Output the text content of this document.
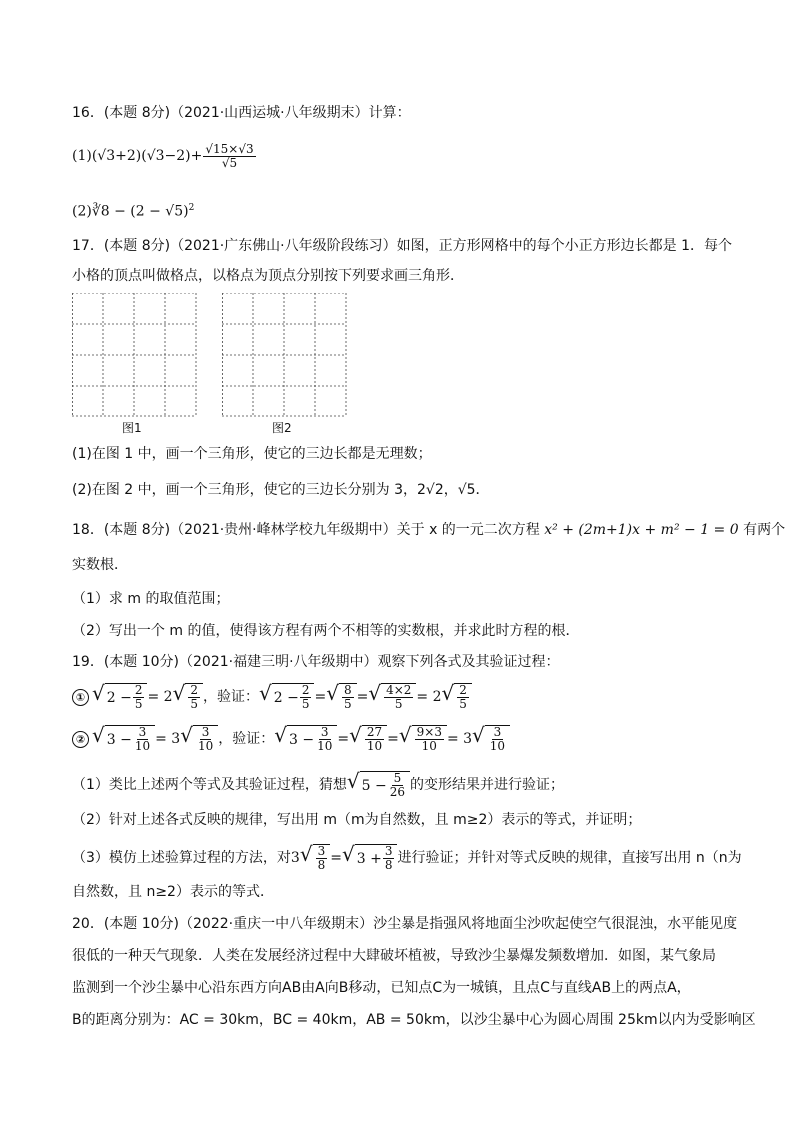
16．(本题 8分)（2021·山西运城·八年级期末）计算：
(1) $(√3+2)(√3-2)+ \frac{√15\times√3}{√5}$
(2)∛8 − $(2 - √5)^2$
17．(本题 8分)（2021·广东佛山·八年级阶段练习）如图，正方形网格中的每个小正方形边长都是 1．每个
小格的顶点叫做格点，以格点为顶点分别按下列要求画三角形．
图1	图2
(1)在图 1 中，画一个三角形，使它的三边长都是无理数；
(2)在图 2 中，画一个三角形，使它的三边长分别为 3，2√2，√5．
18．(本题 8分)（2021·贵州·峰林学校九年级期中）关于 x 的一元二次方程 x² + (2m+1)x + m² − 1 = 0 有两个
实数根．
（1）求 m 的取值范围；
（2）写出一个 m 的值，使得该方程有两个不相等的实数根，并求此时方程的根．
19．(本题 10分)（2021·福建三明·八年级期中）观察下列各式及其验证过程：
① √ $2 - \frac{2}{5} = 2$ √ $\frac{2}{5}$ ，验证： √ $2 - \frac{2}{5}$ = √ $\frac{8}{5}$ = √ $\frac{4\times 2}{5} = 2$ √ $\frac{2}{5}$
② √ $3 - \frac{3}{10} = 3$ √ $\frac{3}{10}$ ，验证： √ $3 - \frac{3}{10}$ = √ $\frac{27}{10}$ = √ $\frac{9\times 3}{10} = 3$ √ $\frac{3}{10}$
（1）类比上述两个等式及其验证过程，猜想 √ $5 - \frac{5}{26}$ 的变形结果并进行验证；
（2）针对上述各式反映的规律，写出用 m（m为自然数，且 m≥2）表示的等式，并证明；
（3）模仿上述验算过程的方法，对 3 √ $\frac{3}{8}$ = √ $3 + \frac{3}{8}$ 进行验证；并针对等式反映的规律，直接写出用 n（n为
自然数，且 n≥2）表示的等式．
20．(本题 10分)（2022·重庆一中八年级期末）沙尘暴是指强风将地面尘沙吹起使空气很混浊，水平能见度
很低的一种天气现象．人类在发展经济过程中大肆破坏植被，导致沙尘暴爆发频数增加．如图，某气象局
监测到一个沙尘暴中心沿东西方向AB由A向B移动，已知点C为一城镇，且点C与直线AB上的两点A，
B的距离分别为：AC = 30km，BC = 40km，AB = 50km，以沙尘暴中心为圆心周围 25km以内为受影响区
